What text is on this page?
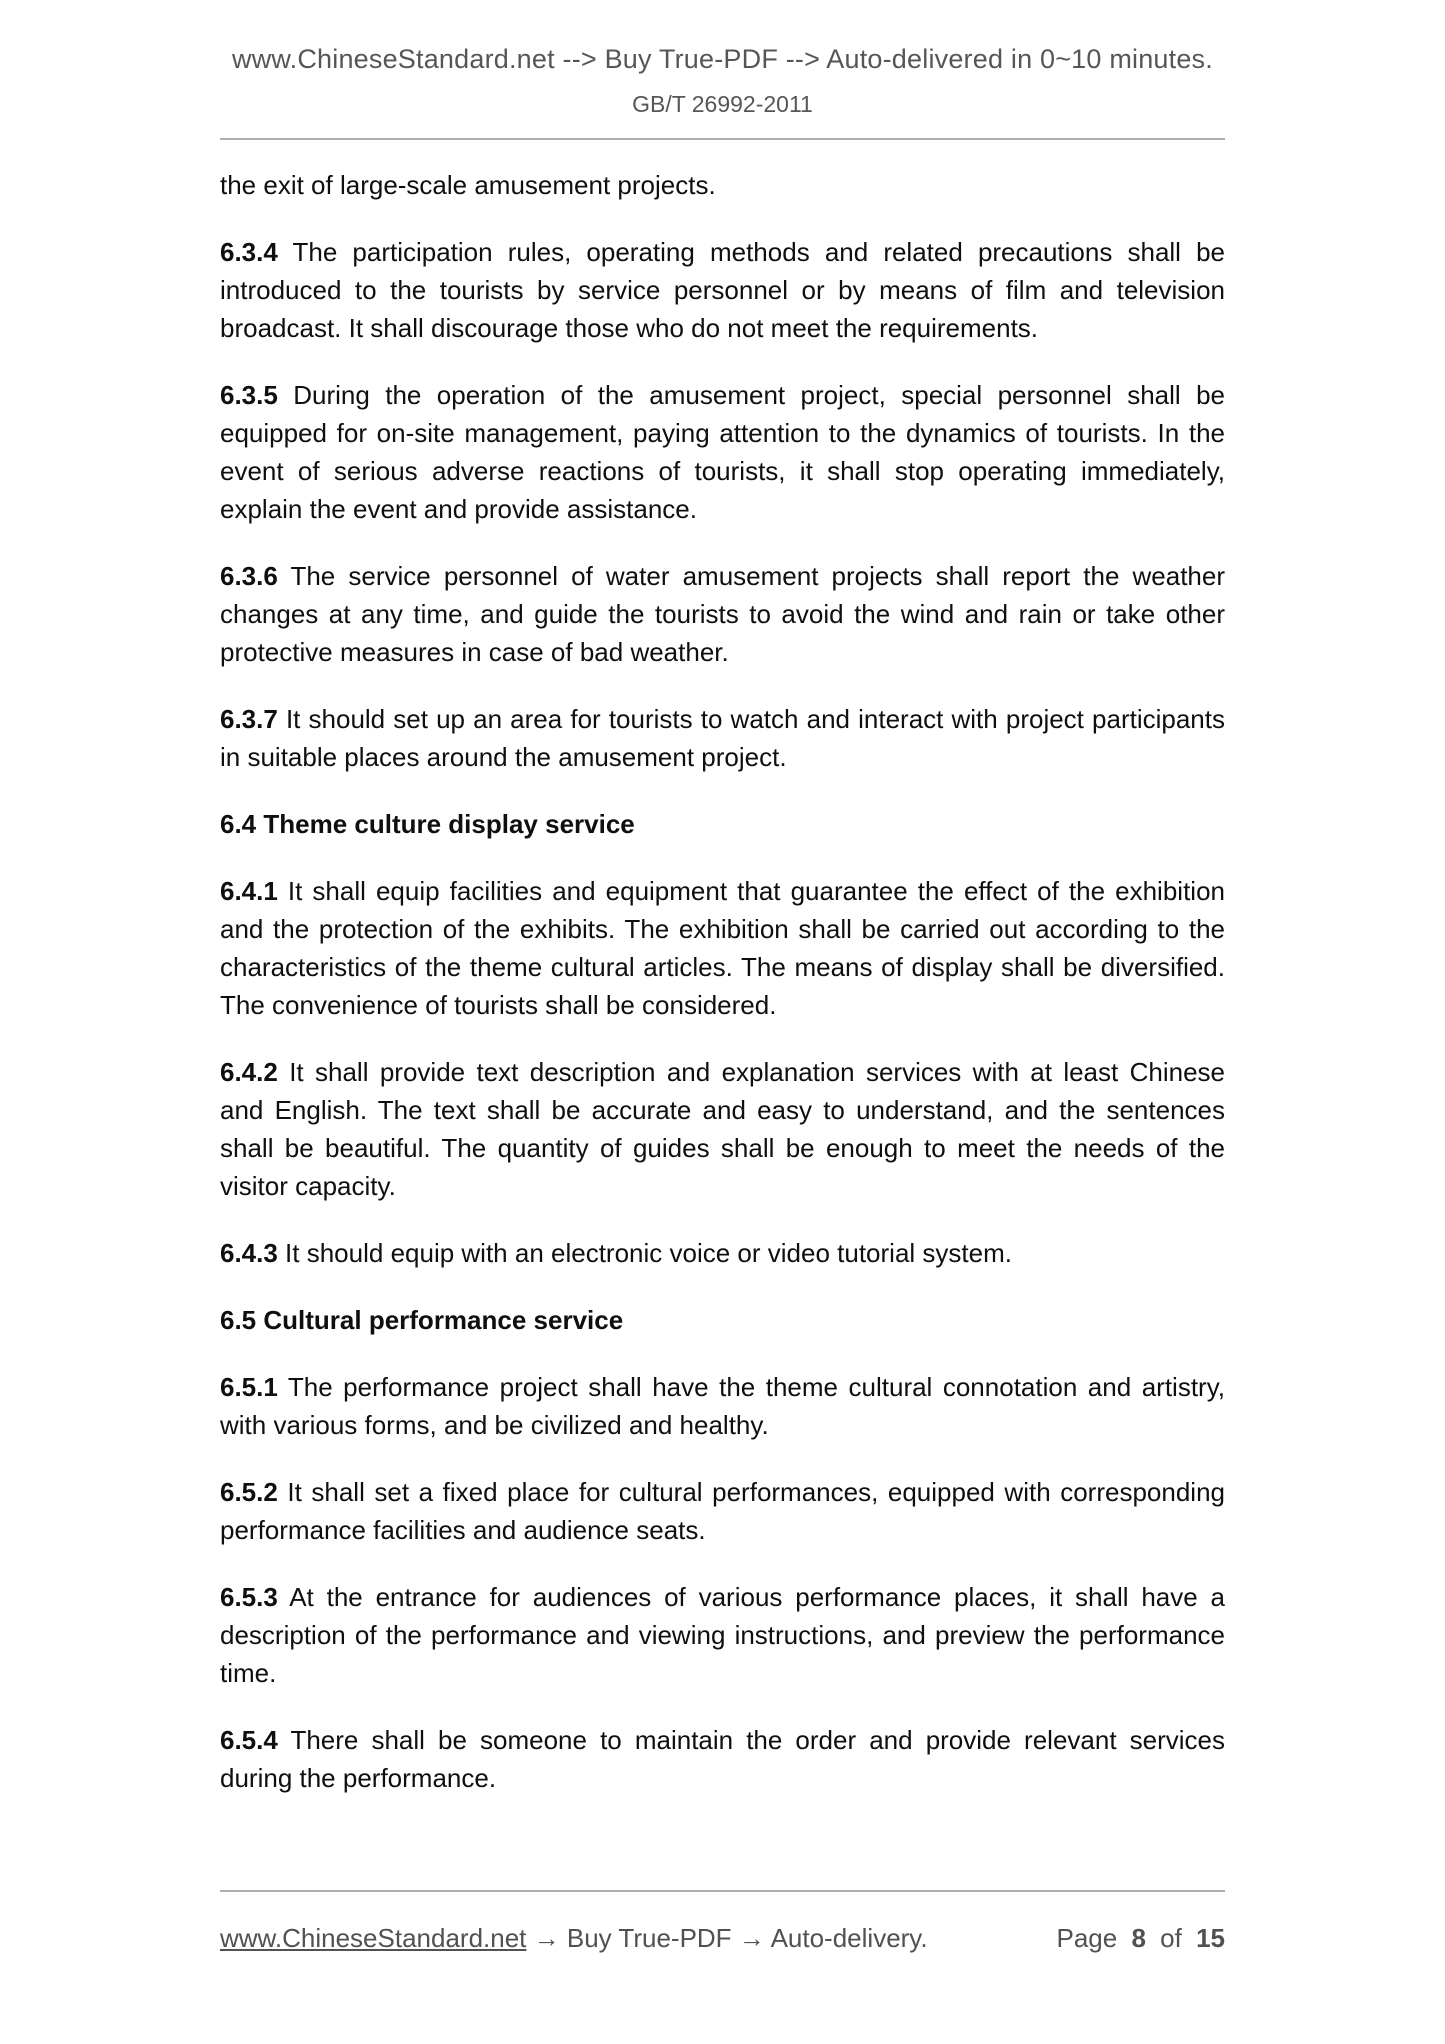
www.ChineseStandard.net --> Buy True-PDF --> Auto-delivered in 0~10 minutes.
GB/T 26992-2011

the exit of large-scale amusement projects.

6.3.4 The participation rules, operating methods and related precautions shall be introduced to the tourists by service personnel or by means of film and television broadcast. It shall discourage those who do not meet the requirements.

6.3.5 During the operation of the amusement project, special personnel shall be equipped for on-site management, paying attention to the dynamics of tourists. In the event of serious adverse reactions of tourists, it shall stop operating immediately, explain the event and provide assistance.

6.3.6 The service personnel of water amusement projects shall report the weather changes at any time, and guide the tourists to avoid the wind and rain or take other protective measures in case of bad weather.

6.3.7 It should set up an area for tourists to watch and interact with project participants in suitable places around the amusement project.

6.4 Theme culture display service

6.4.1 It shall equip facilities and equipment that guarantee the effect of the exhibition and the protection of the exhibits. The exhibition shall be carried out according to the characteristics of the theme cultural articles. The means of display shall be diversified. The convenience of tourists shall be considered.

6.4.2 It shall provide text description and explanation services with at least Chinese and English. The text shall be accurate and easy to understand, and the sentences shall be beautiful. The quantity of guides shall be enough to meet the needs of the visitor capacity.

6.4.3 It should equip with an electronic voice or video tutorial system.

6.5 Cultural performance service

6.5.1 The performance project shall have the theme cultural connotation and artistry, with various forms, and be civilized and healthy.

6.5.2 It shall set a fixed place for cultural performances, equipped with corresponding performance facilities and audience seats.

6.5.3 At the entrance for audiences of various performance places, it shall have a description of the performance and viewing instructions, and preview the performance time.

6.5.4 There shall be someone to maintain the order and provide relevant services during the performance.

www.ChineseStandard.net → Buy True-PDF → Auto-delivery.	Page 8 of 15
